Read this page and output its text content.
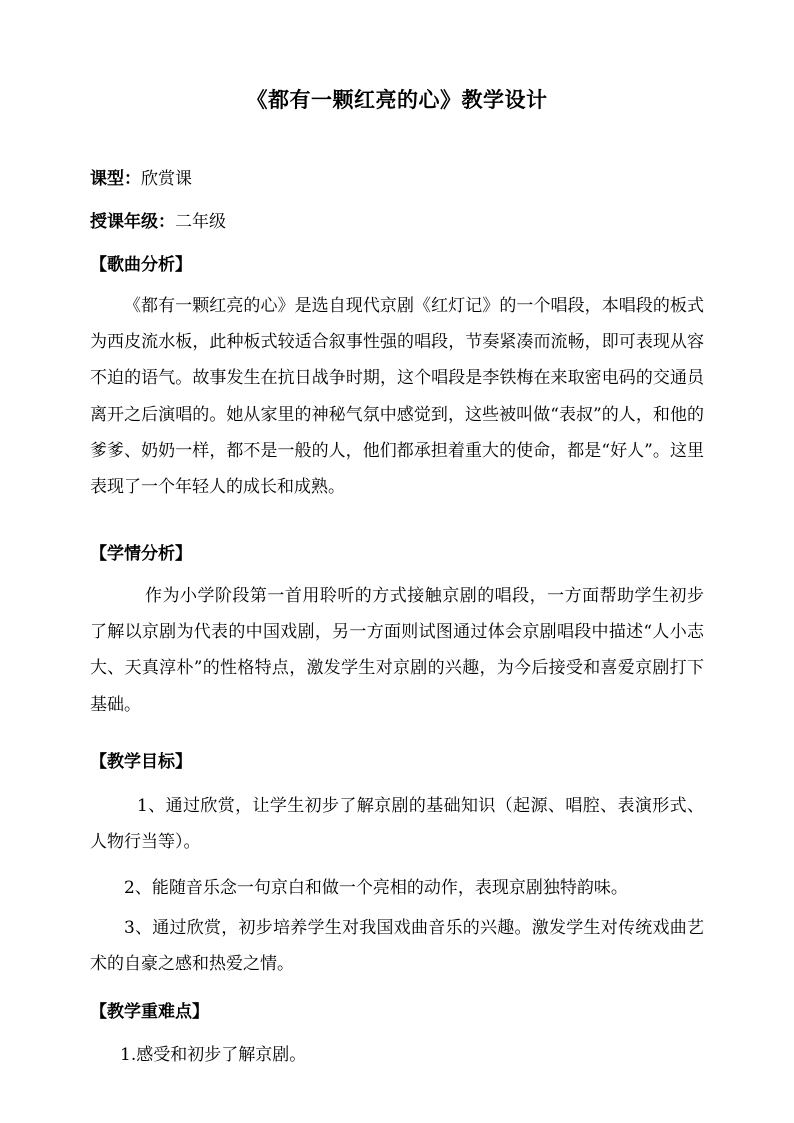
《都有一颗红亮的心》教学设计
课型：欣赏课
授课年级：二年级
【歌曲分析】
《都有一颗红亮的心》是选自现代京剧《红灯记》的一个唱段，本唱段的板式为西皮流水板，此种板式较适合叙事性强的唱段，节奏紧凑而流畅，即可表现从容不迫的语气。故事发生在抗日战争时期，这个唱段是李铁梅在来取密电码的交通员离开之后演唱的。她从家里的神秘气氛中感觉到，这些被叫做“表叔”的人，和他的爹爹、奶奶一样，都不是一般的人，他们都承担着重大的使命，都是“好人”。这里表现了一个年轻人的成长和成熟。
【学情分析】
作为小学阶段第一首用聆听的方式接触京剧的唱段，一方面帮助学生初步了解以京剧为代表的中国戏剧，另一方面则试图通过体会京剧唱段中描述“人小志大、天真淳朴”的性格特点，激发学生对京剧的兴趣，为今后接受和喜爱京剧打下基础。
【教学目标】
1、通过欣赏，让学生初步了解京剧的基础知识（起源、唱腔、表演形式、人物行当等）。
2、能随音乐念一句京白和做一个亮相的动作，表现京剧独特韵味。
3、通过欣赏，初步培养学生对我国戏曲音乐的兴趣。激发学生对传统戏曲艺术的自豪之感和热爱之情。
【教学重难点】
1.感受和初步了解京剧。
